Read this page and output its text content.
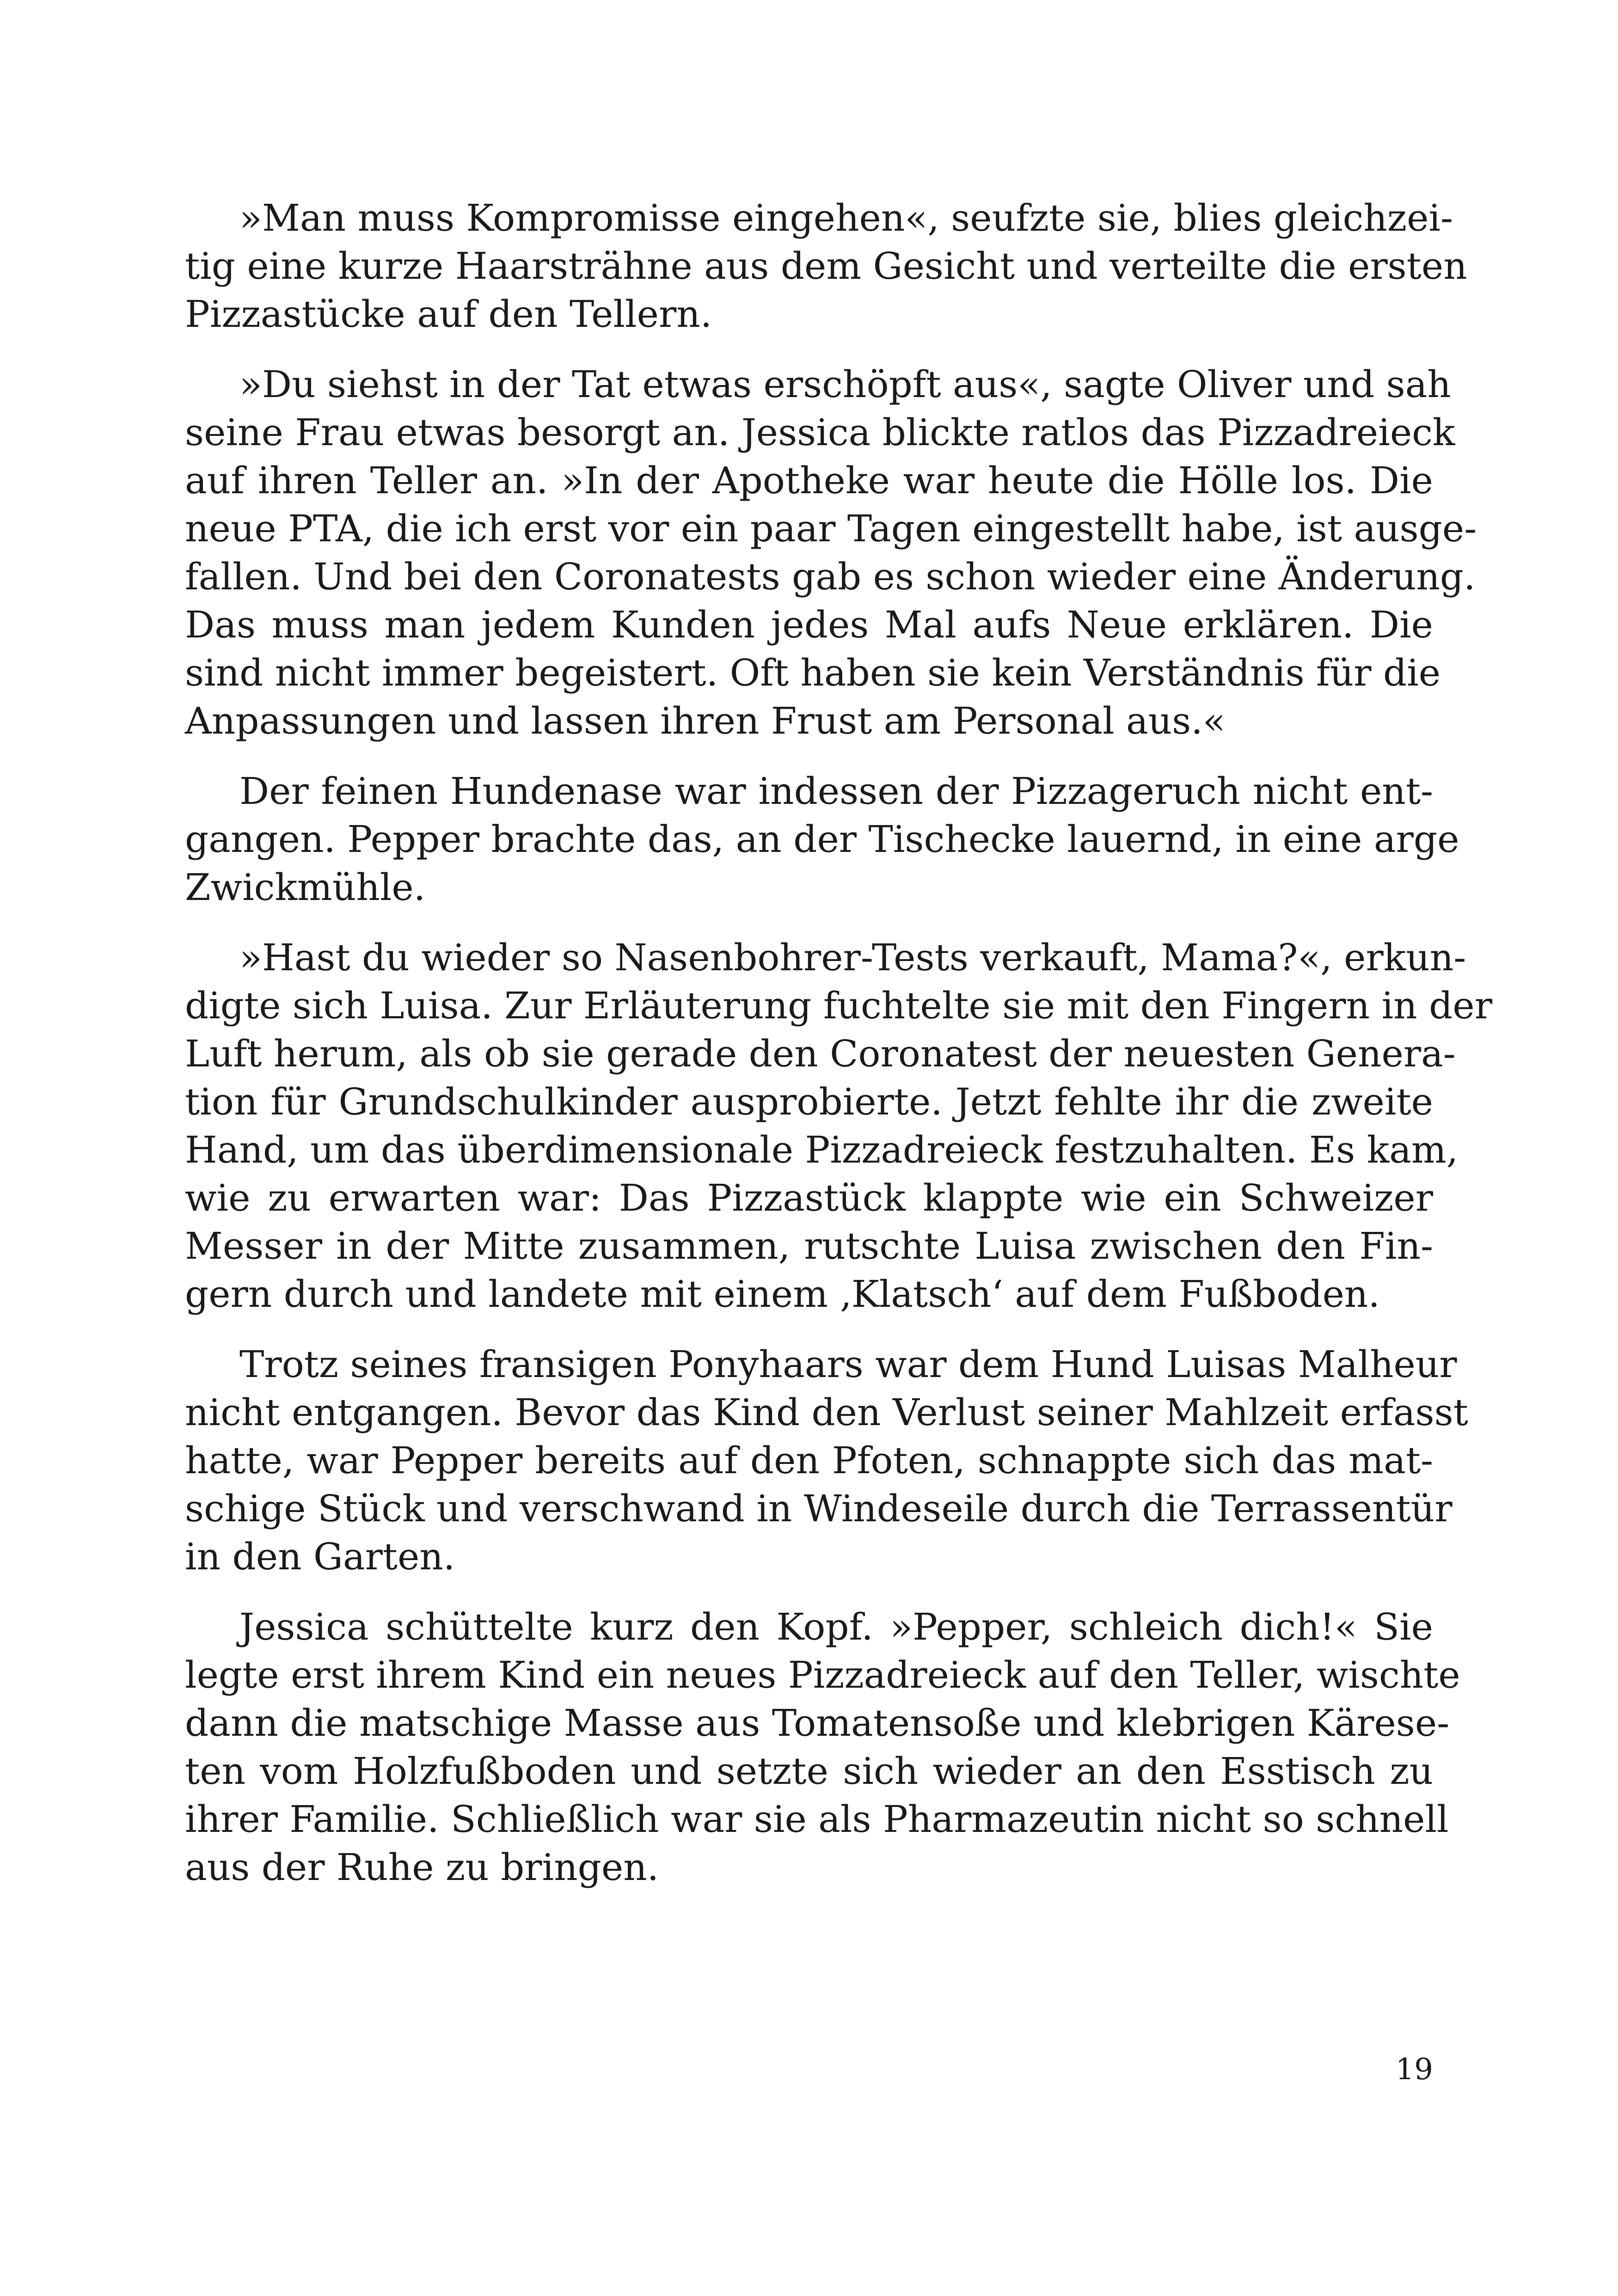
»Man muss Kompromisse eingehen«, seufzte sie, blies gleichzei-
tig eine kurze Haarsträhne aus dem Gesicht und verteilte die ersten
Pizzastücke auf den Tellern.

»Du siehst in der Tat etwas erschöpft aus«, sagte Oliver und sah
seine Frau etwas besorgt an. Jessica blickte ratlos das Pizzadreieck
auf ihren Teller an. »In der Apotheke war heute die Hölle los. Die
neue PTA, die ich erst vor ein paar Tagen eingestellt habe, ist ausge-
fallen. Und bei den Coronatests gab es schon wieder eine Änderung.
Das muss man jedem Kunden jedes Mal aufs Neue erklären. Die
sind nicht immer begeistert. Oft haben sie kein Verständnis für die
Anpassungen und lassen ihren Frust am Personal aus.«

Der feinen Hundenase war indessen der Pizzageruch nicht ent-
gangen. Pepper brachte das, an der Tischecke lauernd, in eine arge
Zwickmühle.

»Hast du wieder so Nasenbohrer-Tests verkauft, Mama?«, erkun-
digte sich Luisa. Zur Erläuterung fuchtelte sie mit den Fingern in der
Luft herum, als ob sie gerade den Coronatest der neuesten Genera-
tion für Grundschulkinder ausprobierte. Jetzt fehlte ihr die zweite
Hand, um das überdimensionale Pizzadreieck festzuhalten. Es kam,
wie zu erwarten war: Das Pizzastück klappte wie ein Schweizer
Messer in der Mitte zusammen, rutschte Luisa zwischen den Fin-
gern durch und landete mit einem ‚Klatsch‘ auf dem Fußboden.

Trotz seines fransigen Ponyhaars war dem Hund Luisas Malheur
nicht entgangen. Bevor das Kind den Verlust seiner Mahlzeit erfasst
hatte, war Pepper bereits auf den Pfoten, schnappte sich das mat-
schige Stück und verschwand in Windeseile durch die Terrassentür
in den Garten.

Jessica schüttelte kurz den Kopf. »Pepper, schleich dich!« Sie
legte erst ihrem Kind ein neues Pizzadreieck auf den Teller, wischte
dann die matschige Masse aus Tomatensoße und klebrigen Kärese-
ten vom Holzfußboden und setzte sich wieder an den Esstisch zu
ihrer Familie. Schließlich war sie als Pharmazeutin nicht so schnell
aus der Ruhe zu bringen.

19
